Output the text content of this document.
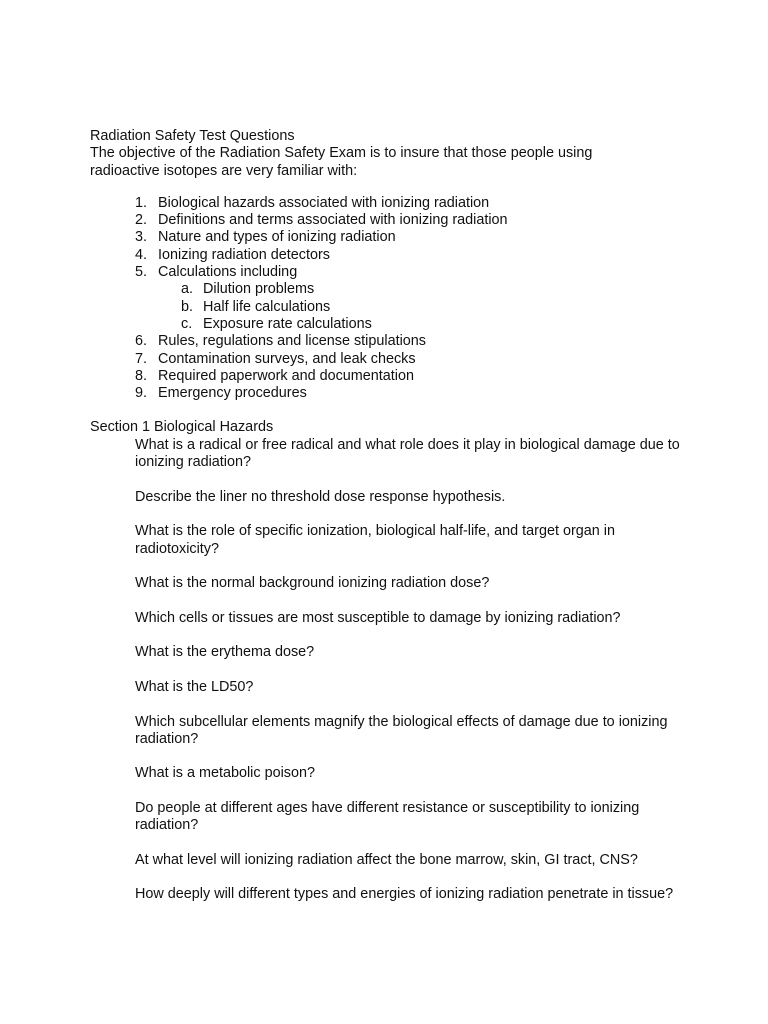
Radiation Safety Test Questions
The objective of the Radiation Safety Exam is to insure that those people using
radioactive isotopes are very familiar with:
1. Biological hazards associated with ionizing radiation
2. Definitions and terms associated with ionizing radiation
3. Nature and types of ionizing radiation
4. Ionizing radiation detectors
5. Calculations including
a. Dilution problems
b. Half life calculations
c. Exposure rate calculations
6. Rules, regulations and license stipulations
7. Contamination surveys, and leak checks
8. Required paperwork and documentation
9. Emergency procedures
Section 1 Biological Hazards
What is a radical or free radical and what role does it play in biological damage due to ionizing radiation?
Describe the liner no threshold dose response hypothesis.
What is the role of specific ionization, biological half-life, and target organ in radiotoxicity?
What is the normal background ionizing radiation dose?
Which cells or tissues are most susceptible to damage by ionizing radiation?
What is the erythema dose?
What is the LD50?
Which subcellular elements magnify the biological effects of damage due to ionizing radiation?
What is a metabolic poison?
Do people at different ages have different resistance or susceptibility to ionizing radiation?
At what level will ionizing radiation affect the bone marrow, skin, GI tract, CNS?
How deeply will different types and energies of ionizing radiation penetrate in tissue?
